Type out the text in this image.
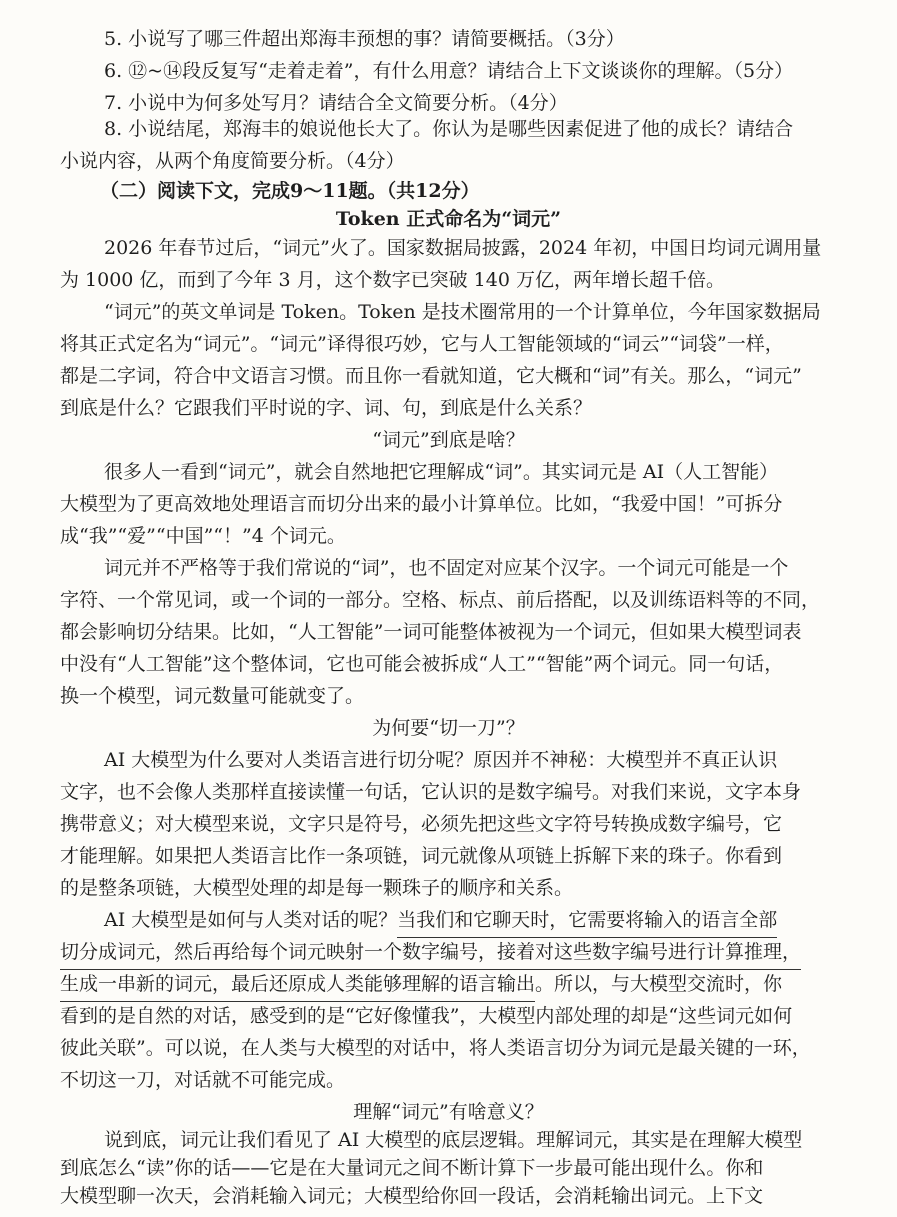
5. 小说写了哪三件超出郑海丰预想的事？请简要概括。（3分）
6. ⑫~⑭段反复写“走着走着”，有什么用意？请结合上下文谈谈你的理解。（5分）
7. 小说中为何多处写月？请结合全文简要分析。（4分）
8. 小说结尾，郑海丰的娘说他长大了。你认为是哪些因素促进了他的成长？请结合
小说内容，从两个角度简要分析。（4分）
（二）阅读下文，完成9～11题。（共12分）
Token 正式命名为“词元”
2026 年春节过后，“词元”火了。国家数据局披露，2024 年初，中国日均词元调用量
为 1000 亿，而到了今年 3 月，这个数字已突破 140 万亿，两年增长超千倍。
“词元”的英文单词是 Token。Token 是技术圈常用的一个计算单位，今年国家数据局
将其正式定名为“词元”。“词元”译得很巧妙，它与人工智能领域的“词云”“词袋”一样，
都是二字词，符合中文语言习惯。而且你一看就知道，它大概和“词”有关。那么，“词元”
到底是什么？它跟我们平时说的字、词、句，到底是什么关系？
“词元”到底是啥？
很多人一看到“词元”，就会自然地把它理解成“词”。其实词元是 AI（人工智能）
大模型为了更高效地处理语言而切分出来的最小计算单位。比如，“我爱中国！”可拆分
成“我”“爱”“中国”“！”4 个词元。
词元并不严格等于我们常说的“词”，也不固定对应某个汉字。一个词元可能是一个
字符、一个常见词，或一个词的一部分。空格、标点、前后搭配，以及训练语料等的不同，
都会影响切分结果。比如，“人工智能”一词可能整体被视为一个词元，但如果大模型词表
中没有“人工智能”这个整体词，它也可能会被拆成“人工”“智能”两个词元。同一句话，
换一个模型，词元数量可能就变了。
为何要“切一刀”？
AI 大模型为什么要对人类语言进行切分呢？原因并不神秘：大模型并不真正认识
文字，也不会像人类那样直接读懂一句话，它认识的是数字编号。对我们来说，文字本身
携带意义；对大模型来说，文字只是符号，必须先把这些文字符号转换成数字编号，它
才能理解。如果把人类语言比作一条项链，词元就像从项链上拆解下来的珠子。你看到
的是整条项链，大模型处理的却是每一颗珠子的顺序和关系。
AI 大模型是如何与人类对话的呢？当我们和它聊天时，它需要将输入的语言全部
切分成词元，然后再给每个词元映射一个数字编号，接着对这些数字编号进行计算推理，
生成一串新的词元，最后还原成人类能够理解的语言输出。所以，与大模型交流时，你
看到的是自然的对话，感受到的是“它好像懂我”，大模型内部处理的却是“这些词元如何
彼此关联”。可以说，在人类与大模型的对话中，将人类语言切分为词元是最关键的一环，
不切这一刀，对话就不可能完成。
理解“词元”有啥意义？
说到底，词元让我们看见了 AI 大模型的底层逻辑。理解词元，其实是在理解大模型
到底怎么“读”你的话——它是在大量词元之间不断计算下一步最可能出现什么。你和
大模型聊一次天，会消耗输入词元；大模型给你回一段话，会消耗输出词元。上下文
